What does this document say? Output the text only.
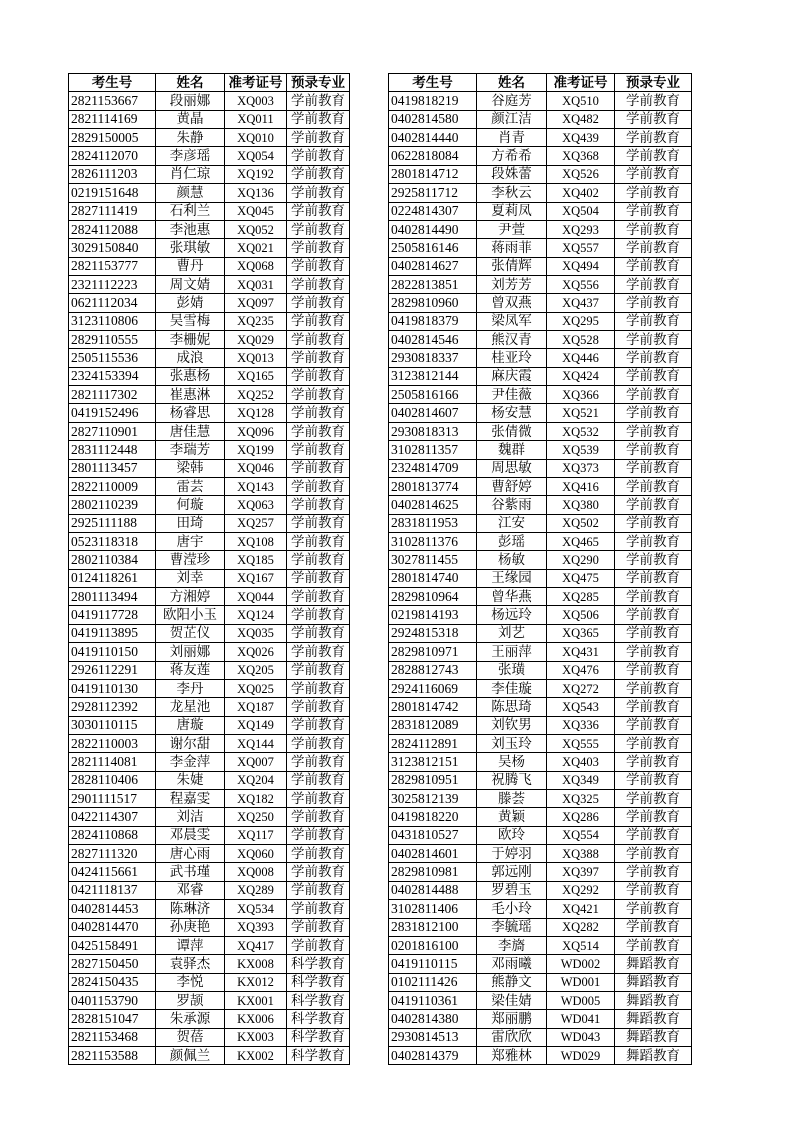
考生号	姓名	准考证号	预录专业
2821153667	段丽娜	XQ003	学前教育
2821114169	黄晶	XQ011	学前教育
2829150005	朱静	XQ010	学前教育
2824112070	李彦瑶	XQ054	学前教育
2826111203	肖仁琼	XQ192	学前教育
0219151648	颜慧	XQ136	学前教育
2827111419	石利兰	XQ045	学前教育
2824112088	李池惠	XQ052	学前教育
3029150840	张琪敏	XQ021	学前教育
2821153777	曹丹	XQ068	学前教育
2321112223	周文婧	XQ031	学前教育
0621112034	彭婧	XQ097	学前教育
3123110806	吴雪梅	XQ235	学前教育
2829110555	李栅妮	XQ029	学前教育
2505115536	成浪	XQ013	学前教育
2324153394	张惠杨	XQ165	学前教育
2821117302	崔惠淋	XQ252	学前教育
0419152496	杨睿思	XQ128	学前教育
2827110901	唐佳慧	XQ096	学前教育
2831112448	李瑞芳	XQ199	学前教育
2801113457	梁韩	XQ046	学前教育
2822110009	雷芸	XQ143	学前教育
2802110239	何璇	XQ063	学前教育
2925111188	田琦	XQ257	学前教育
0523118318	唐宇	XQ108	学前教育
2802110384	曹滢珍	XQ185	学前教育
0124118261	刘幸	XQ167	学前教育
2801113494	方湘婷	XQ044	学前教育
0419117728	欧阳小玉	XQ124	学前教育
0419113895	贺芷仪	XQ035	学前教育
0419110150	刘丽娜	XQ026	学前教育
2926112291	蒋友莲	XQ205	学前教育
0419110130	李丹	XQ025	学前教育
2928112392	龙星池	XQ187	学前教育
3030110115	唐璇	XQ149	学前教育
2822110003	谢尔甜	XQ144	学前教育
2821114081	李金萍	XQ007	学前教育
2828110406	朱婕	XQ204	学前教育
2901111517	程嘉雯	XQ182	学前教育
0422114307	刘洁	XQ250	学前教育
2824110868	邓晨雯	XQ117	学前教育
2827111320	唐心雨	XQ060	学前教育
0424115661	武书瑾	XQ008	学前教育
0421118137	邓睿	XQ289	学前教育
0402814453	陈琳济	XQ534	学前教育
0402814470	孙庚艳	XQ393	学前教育
0425158491	谭萍	XQ417	学前教育
2827150450	袁驿杰	KX008	科学教育
2824150435	李悦	KX012	科学教育
0401153790	罗颉	KX001	科学教育
2828151047	朱承源	KX006	科学教育
2821153468	贺蓓	KX003	科学教育
2821153588	颜佩兰	KX002	科学教育
考生号	姓名	准考证号	预录专业
0419818219	谷庭芳	XQ510	学前教育
0402814580	颜江洁	XQ482	学前教育
0402814440	肖青	XQ439	学前教育
0622818084	方希希	XQ368	学前教育
2801814712	段姝蕾	XQ526	学前教育
2925811712	李秋云	XQ402	学前教育
0224814307	夏莉凤	XQ504	学前教育
0402814490	尹萱	XQ293	学前教育
2505816146	蒋雨菲	XQ557	学前教育
0402814627	张倩辉	XQ494	学前教育
2822813851	刘芳芳	XQ556	学前教育
2829810960	曾双燕	XQ437	学前教育
0419818379	梁凤军	XQ295	学前教育
0402814546	熊汉青	XQ528	学前教育
2930818337	桂亚玲	XQ446	学前教育
3123812144	麻庆霞	XQ424	学前教育
2505816166	尹佳薇	XQ366	学前教育
0402814607	杨安慧	XQ521	学前教育
2930818313	张倩微	XQ532	学前教育
3102811357	魏群	XQ539	学前教育
2324814709	周思敏	XQ373	学前教育
2801813774	曹舒婷	XQ416	学前教育
0402814625	谷紫雨	XQ380	学前教育
2831811953	江安	XQ502	学前教育
3102811376	彭瑶	XQ465	学前教育
3027811455	杨敏	XQ290	学前教育
2801814740	王缘园	XQ475	学前教育
2829810964	曾华燕	XQ285	学前教育
0219814193	杨远玲	XQ506	学前教育
2924815318	刘艺	XQ365	学前教育
2829810971	王丽萍	XQ431	学前教育
2828812743	张璜	XQ476	学前教育
2924116069	李佳璇	XQ272	学前教育
2801814742	陈思琦	XQ543	学前教育
2831812089	刘钦男	XQ336	学前教育
2824112891	刘玉玲	XQ555	学前教育
3123812151	吴杨	XQ403	学前教育
2829810951	祝腾飞	XQ349	学前教育
3025812139	滕荟	XQ325	学前教育
0419818220	黄颖	XQ286	学前教育
0431810527	欧玲	XQ554	学前教育
0402814601	于婷羽	XQ388	学前教育
2829810981	郭远刚	XQ397	学前教育
0402814488	罗碧玉	XQ292	学前教育
3102811406	毛小玲	XQ421	学前教育
2831812100	李毓瑶	XQ282	学前教育
0201816100	李旖	XQ514	学前教育
0419110115	邓雨曦	WD002	舞蹈教育
0102111426	熊静文	WD001	舞蹈教育
0419110361	梁佳婧	WD005	舞蹈教育
0402814380	郑丽鹏	WD041	舞蹈教育
2930814513	雷欣欣	WD043	舞蹈教育
0402814379	郑雅林	WD029	舞蹈教育
